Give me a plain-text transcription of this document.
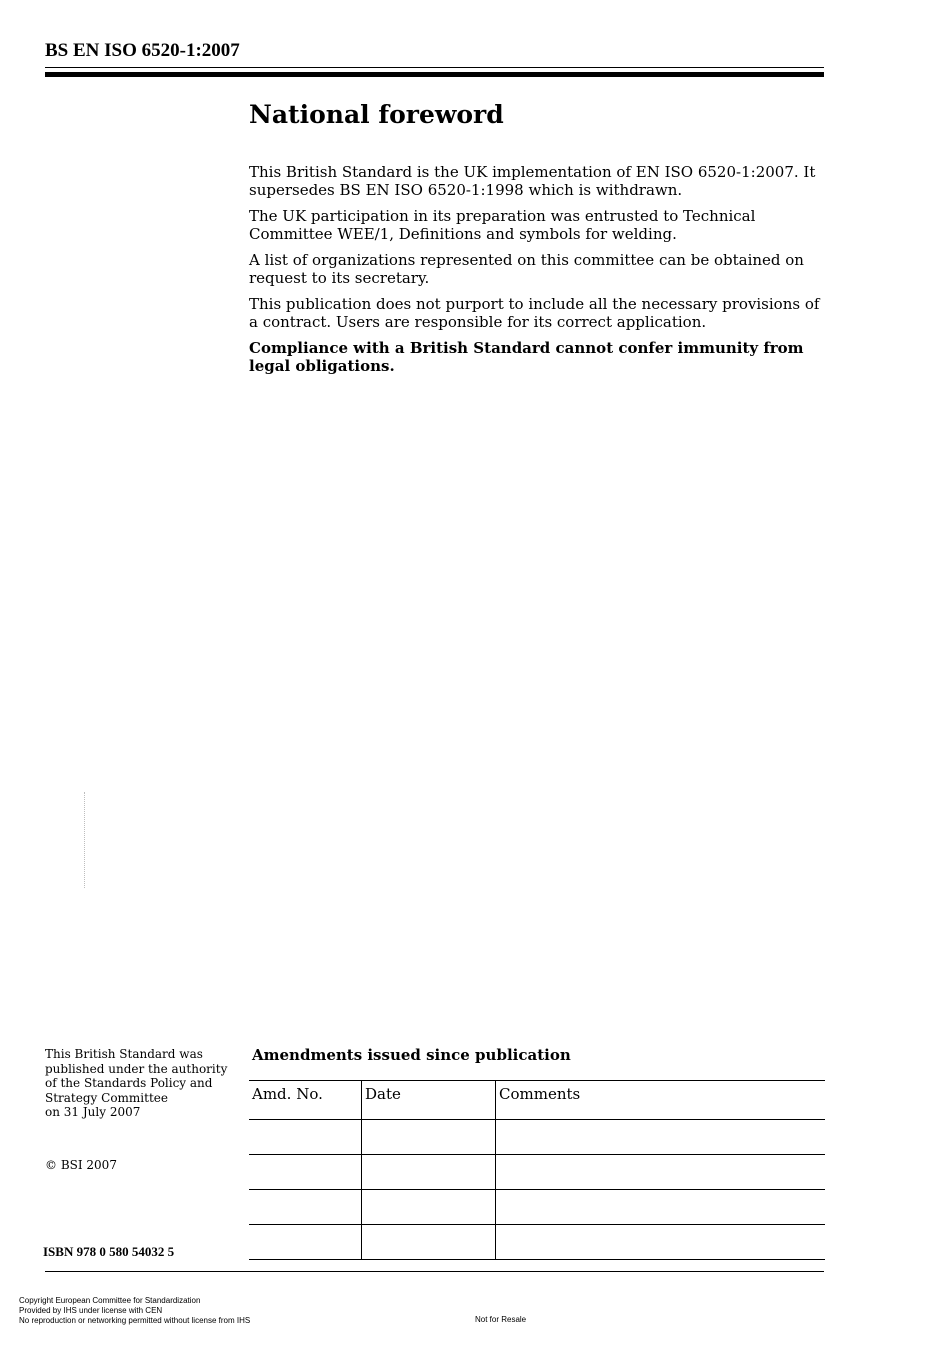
BS EN ISO 6520-1:2007
National foreword

This British Standard is the UK implementation of EN ISO 6520-1:2007. It supersedes BS EN ISO 6520-1:1998 which is withdrawn.

The UK participation in its preparation was entrusted to Technical Committee WEE/1, Definitions and symbols for welding.

A list of organizations represented on this committee can be obtained on request to its secretary.

This publication does not purport to include all the necessary provisions of a contract. Users are responsible for its correct application.

Compliance with a British Standard cannot confer immunity from legal obligations.

This British Standard was
published under the authority
of the Standards Policy and
Strategy Committee
on 31 July 2007
© BSI 2007
ISBN 978 0 580 54032 5
Amendments issued since publication
Amd. No.	Date	Comments

Copyright European Committee for Standardization
Provided by IHS under license with CEN
No reproduction or networking permitted without license from IHS	Not for Resale
